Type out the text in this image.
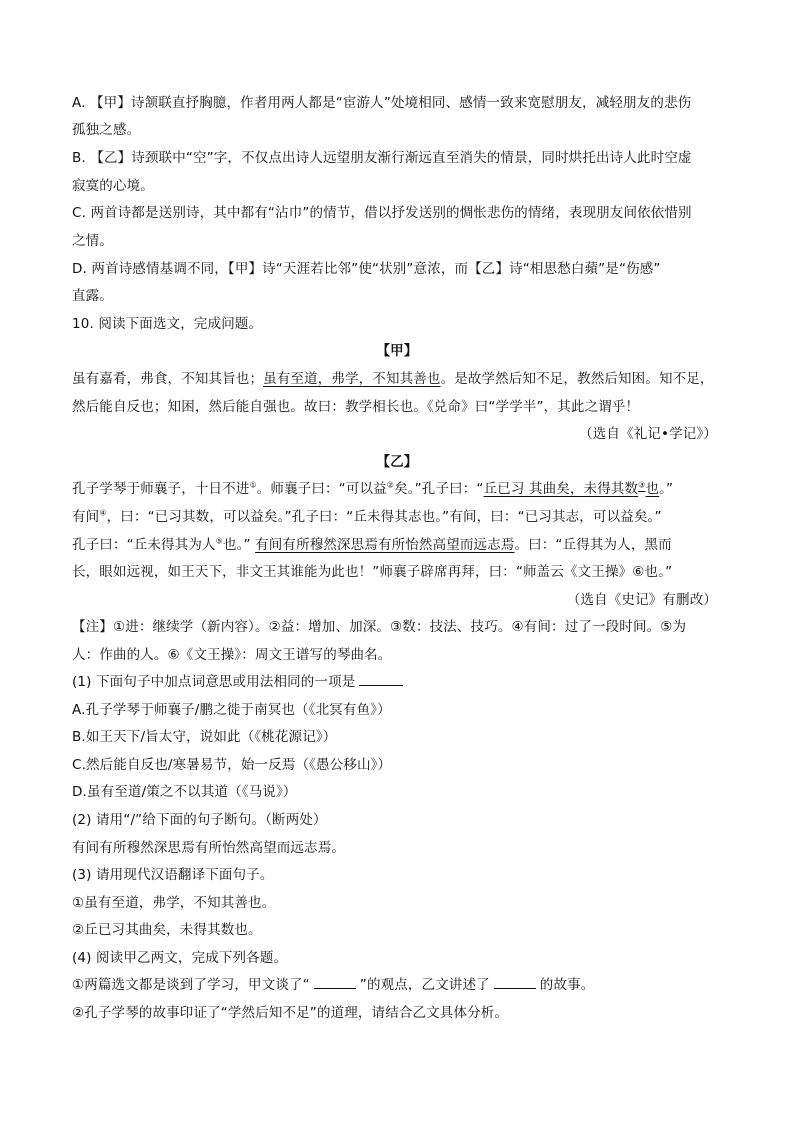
A. 【甲】诗颔联直抒胸臆，作者用两人都是“宦游人”处境相同、感情一致来宽慰朋友，减轻朋友的悲伤
孤独之感。
B. 【乙】诗颈联中“空”字，不仅点出诗人远望朋友渐行渐远直至消失的情景，同时烘托出诗人此时空虚
寂寞的心境。
C. 两首诗都是送别诗，其中都有“沾巾”的情节，借以抒发送别的惆怅悲伤的情绪，表现朋友间依依惜别
之情。
D. 两首诗感情基调不同，【甲】诗“天涯若比邻”使“状别”意浓，而【乙】诗“相思愁白蘋”是“伤感”
直露。
10. 阅读下面选文，完成问题。
【甲】
虽有嘉肴，弗食，不知其旨也；虽有至道，弗学，不知其善也。是故学然后知不足，教然后知困。知不足，
然后能自反也；知困，然后能自强也。故曰：教学相长也。《兑命》曰“学学半”，其此之谓乎！
（选自《礼记•学记》）
【乙】
孔子学琴于师襄子，十日不进①。师襄子曰：“可以益②矣。”孔子曰：“丘已习 其曲矣，未得其数③也。”
有间④，曰：“已习其数，可以益矣。”孔子曰：“丘未得其志也。”有间，曰：“已习其志，可以益矣。”
孔子曰：“丘未得其为人⑤也。” 有间有所穆然深思焉有所怡然高望而远志焉。曰：“丘得其为人，黑而
长，眼如远视，如王天下，非文王其谁能为此也！”师襄子辟席再拜，曰：“师盖云《文王操》⑥也。”
（选自《史记》有删改）
【注】①进：继续学（新内容）。②益：增加、加深。③数：技法、技巧。④有间：过了一段时间。⑤为
人：作曲的人。⑥《文王操》：周文王谱写的琴曲名。
(1) 下面句子中加点词意思或用法相同的一项是
A.孔子学琴于师襄子/鹏之徙于南冥也（《北冥有鱼》）
B.如王天下/旨太守，说如此（《桃花源记》）
C.然后能自反也/寒暑易节，始一反焉（《愚公移山》）
D.虽有至道/策之不以其道（《马说》）
(2) 请用“/”给下面的句子断句。（断两处）
有间有所穆然深思焉有所怡然高望而远志焉。
(3) 请用现代汉语翻译下面句子。
①虽有至道，弗学，不知其善也。
②丘已习其曲矣，未得其数也。
(4) 阅读甲乙两文，完成下列各题。
①两篇选文都是谈到了学习，甲文谈了“	”的观点，乙文讲述了	的故事。
②孔子学琴的故事印证了“学然后知不足”的道理，请结合乙文具体分析。
